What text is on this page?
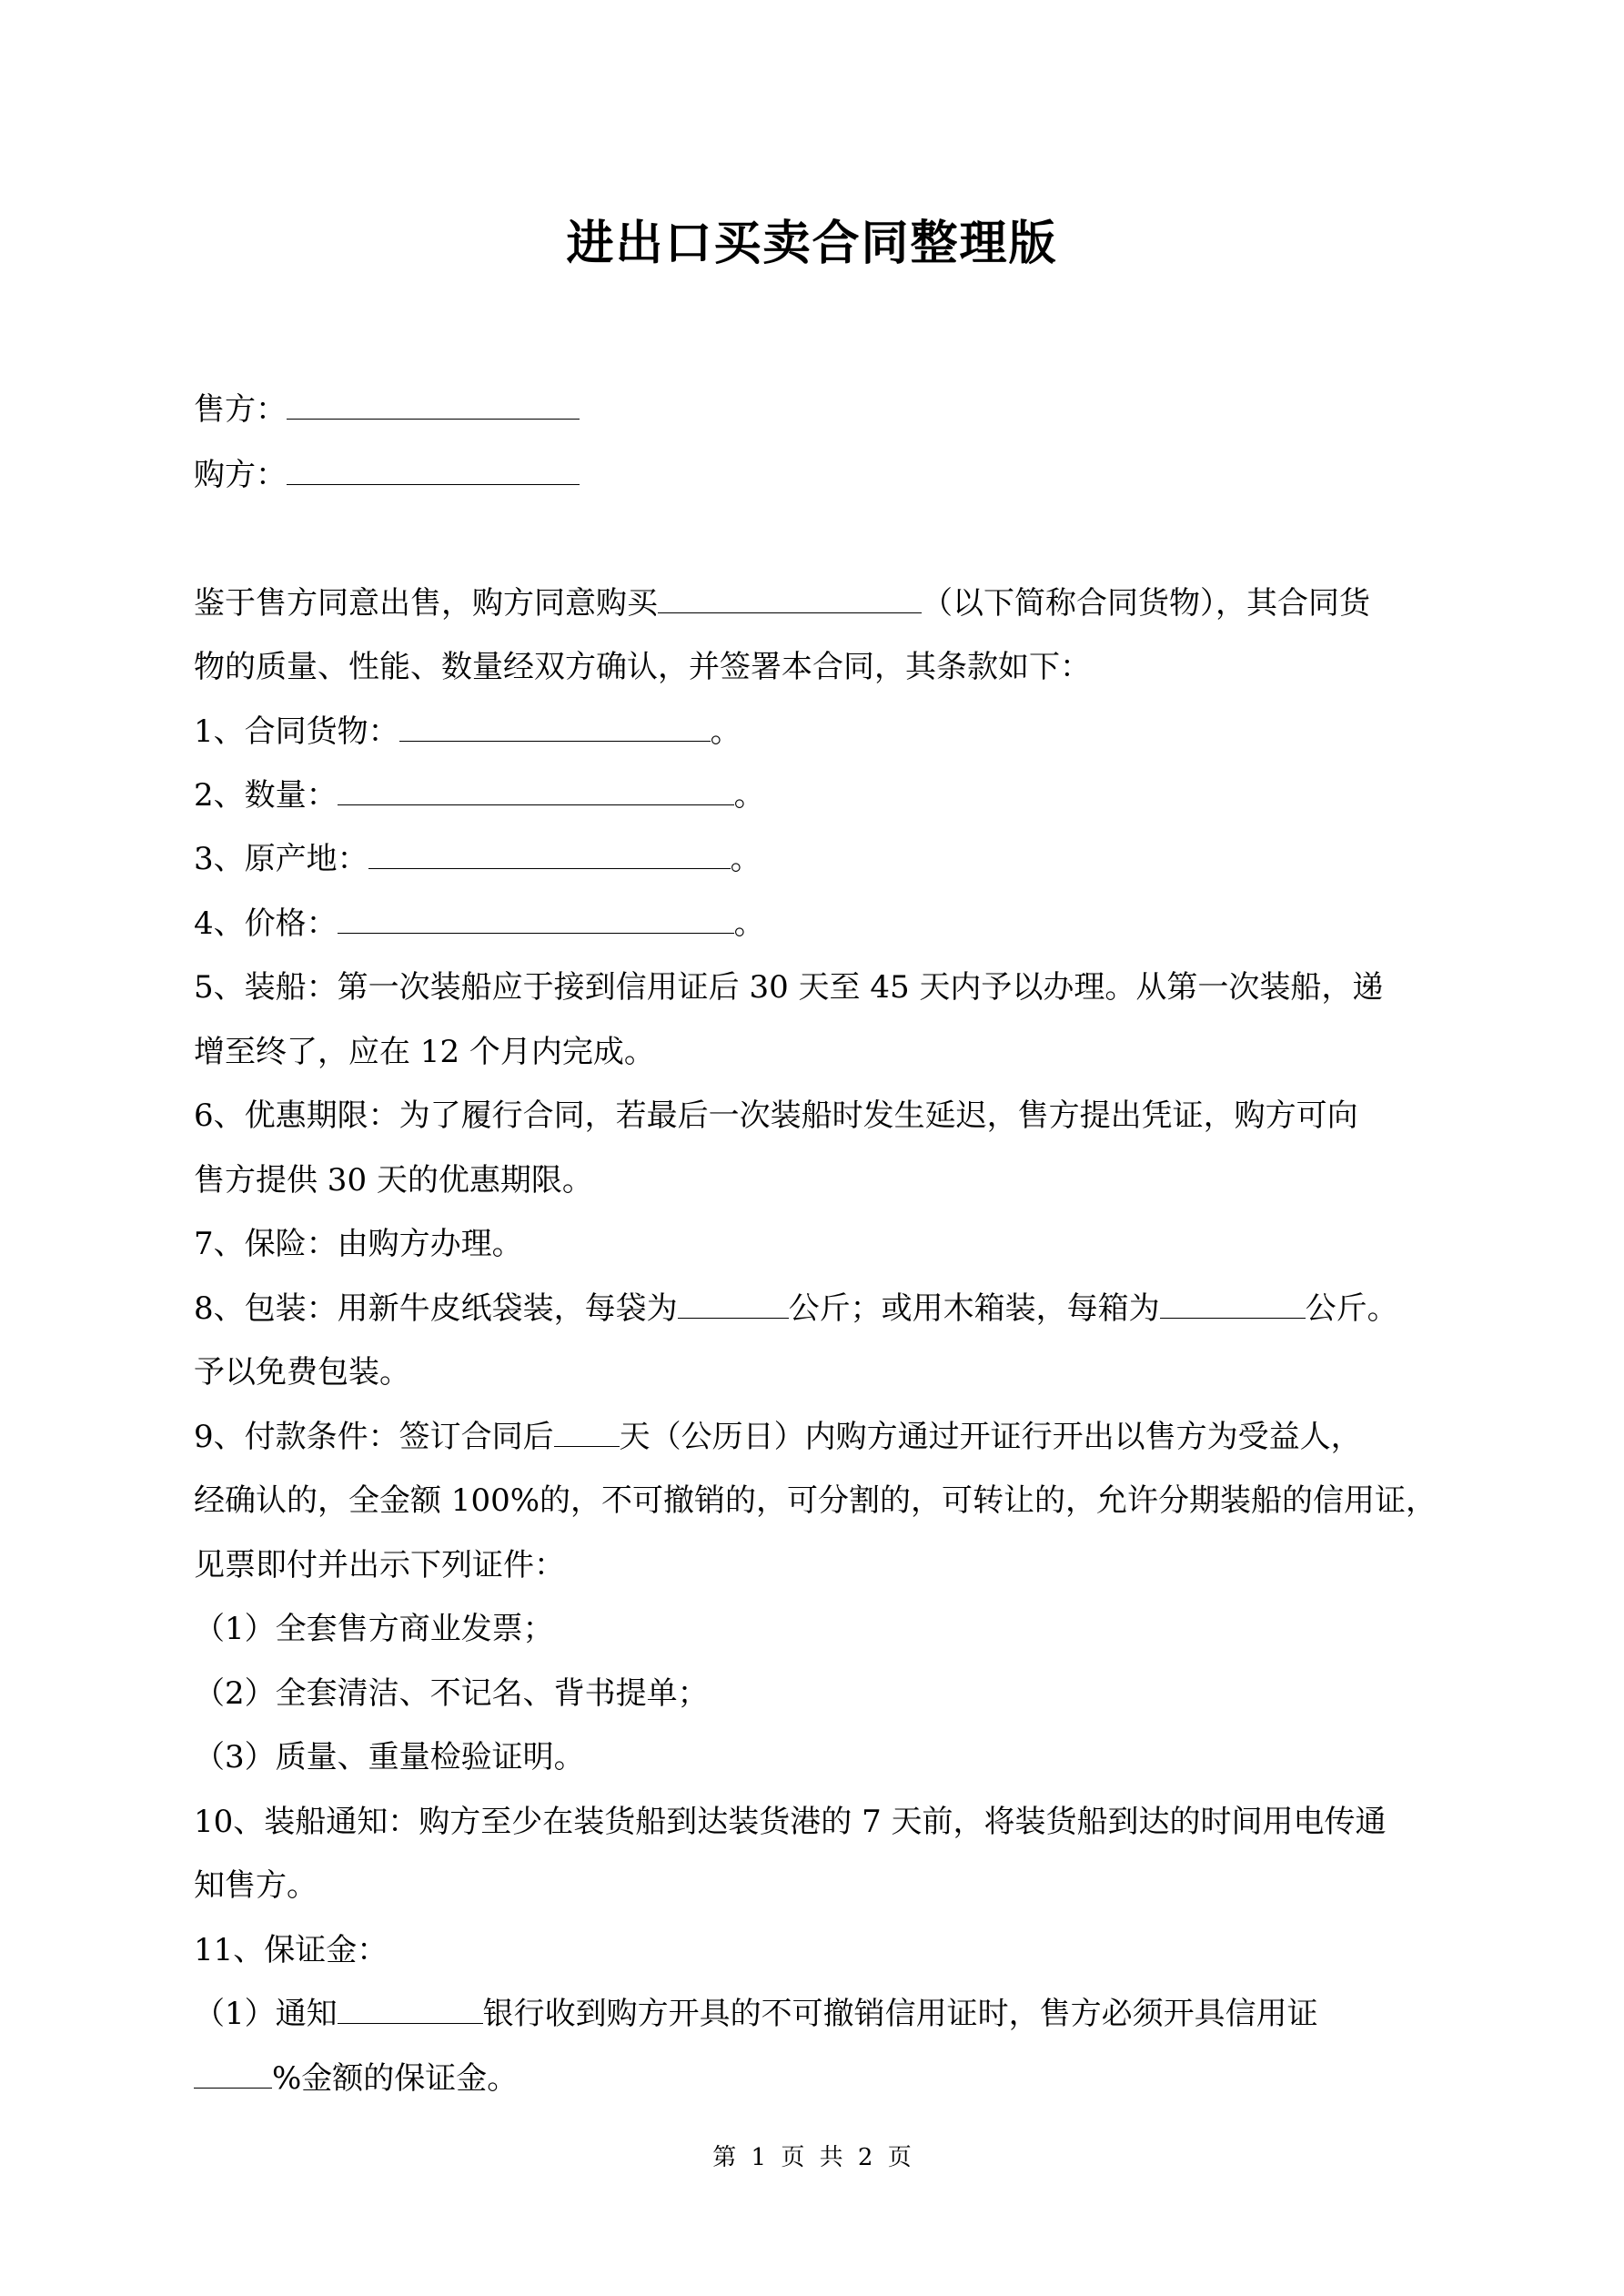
进出口买卖合同整理版
售方：
购方：
鉴于售方同意出售，购方同意购买	（以下简称合同货物），其合同货
物的质量、性能、数量经双方确认，并签署本合同，其条款如下：
1、合同货物：	。
2、数量：	。
3、原产地：	。
4、价格：	。
5、装船：第一次装船应于接到信用证后 30 天至 45 天内予以办理。从第一次装船，递
增至终了，应在 12 个月内完成。
6、优惠期限：为了履行合同，若最后一次装船时发生延迟，售方提出凭证，购方可向
售方提供 30 天的优惠期限。
7、保险：由购方办理。
8、包装：用新牛皮纸袋装，每袋为	公斤；或用木箱装，每箱为	公斤。
予以免费包装。
9、付款条件：签订合同后 天（公历日）内购方通过开证行开出以售方为受益人，
经确认的，全金额 100%的，不可撤销的，可分割的，可转让的，允许分期装船的信用证，
见票即付并出示下列证件：
（1）全套售方商业发票；
（2）全套清洁、不记名、背书提单；
（3）质量、重量检验证明。
10、装船通知：购方至少在装货船到达装货港的 7 天前，将装货船到达的时间用电传通
知售方。
11、保证金：
（1）通知	银行收到购方开具的不可撤销信用证时，售方必须开具信用证
%金额的保证金。
第 1 页 共 2 页
